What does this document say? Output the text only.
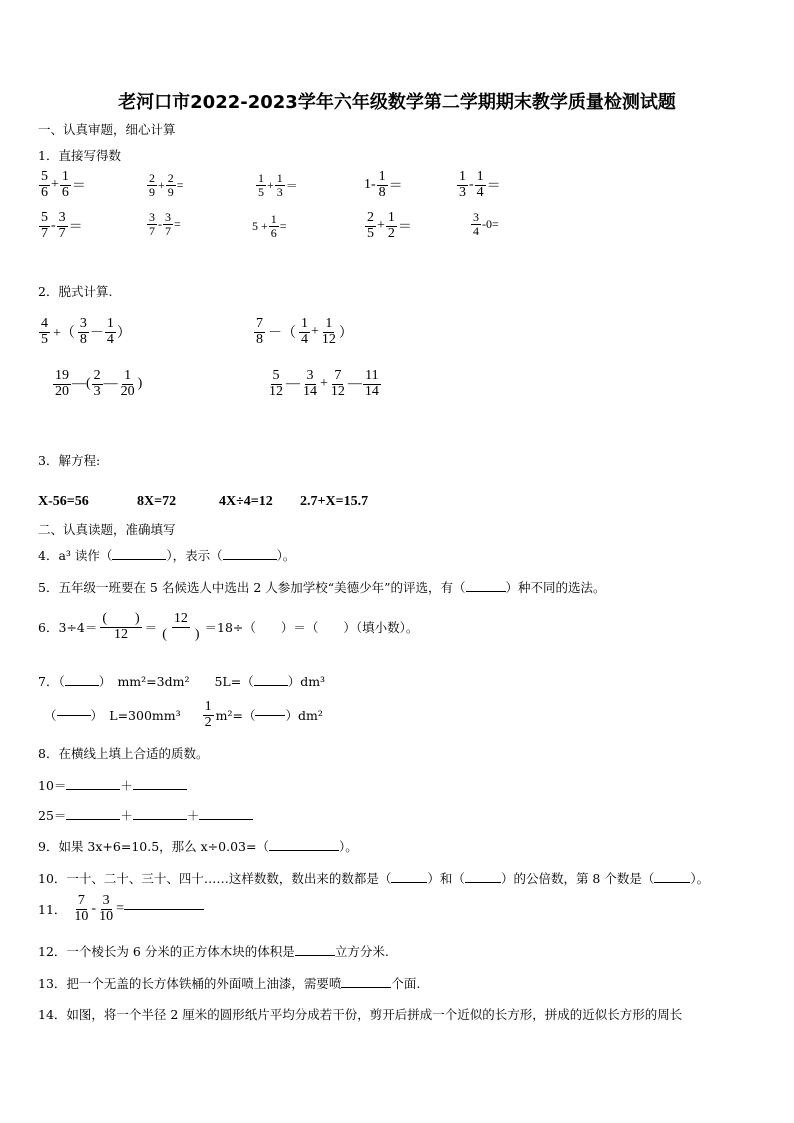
老河口市2022-2023学年六年级数学第二学期期末教学质量检测试题
一、认真审题，细心计算
1．直接写得数
$\frac{5}{6} + \frac{1}{6}$ ＝	$\frac{2}{9} + \frac{2}{9}$ =	$\frac{1}{5} + \frac{1}{3}$ ＝	$1- \frac{1}{8}$ ＝	$\frac{1}{3} - \frac{1}{4}$ ＝
$\frac{5}{7} - \frac{3}{7}$ ＝	$\frac{3}{7} - \frac{3}{7}$ =	$5 + \frac{1}{6}$ =	$\frac{2}{5} + \frac{1}{2}$ ＝	$\frac{3}{4} -0=$
2．脱式计算.
$\frac{4}{5}$ +（ $\frac{3}{8} - \frac{1}{4}$ ）	$\frac{7}{8}$ －（ $\frac{1}{4} + \frac{1}{12}$ ）
$\frac{19}{20}$ —( $\frac{2}{3}$ — $\frac{1}{20}$ )	$\frac{5}{12}$ — $\frac{3}{14} + \frac{7}{12}$ — $\frac{11}{14}$
3．解方程:
X-56=56	8X=72	4X÷4=12 2.7+X=15.7
二、认真读题，准确填写
4．a³ 读作（	），表示（	）。
5．五年级一班要在 5 名候选人中选出 2 人参加学校“美德少年”的评选，有（	）种不同的选法。
6．$3\div 4= \frac{( )}{12} = \frac{12}{( )} =18\div$（　　）＝（　　）（填小数）。
7．（	）　mm²=3dm²　　5L=（	）dm³
（	）　$L=300mm^3 \frac{1}{2} m^2=$（ ）dm²
8．在横线上填上合适的质数。
10＝	＋
25＝	＋	＋
9．如果 3x+6=10.5，那么 x÷0.03=（	）。
10．一十、二十、三十、四十……这样数数，数出来的数都是（	）和（	）的公倍数，第 8 个数是（	）。
11． $\frac{7}{10} - \frac{3}{10}$ =
12．一个棱长为 6 分米的正方体木块的体积是	立方分米.
13．把一个无盖的长方体铁桶的外面喷上油漆，需要喷	个面.
14．如图，将一个半径 2 厘米的圆形纸片平均分成若干份，剪开后拼成一个近似的长方形，拼成的近似长方形的周长
